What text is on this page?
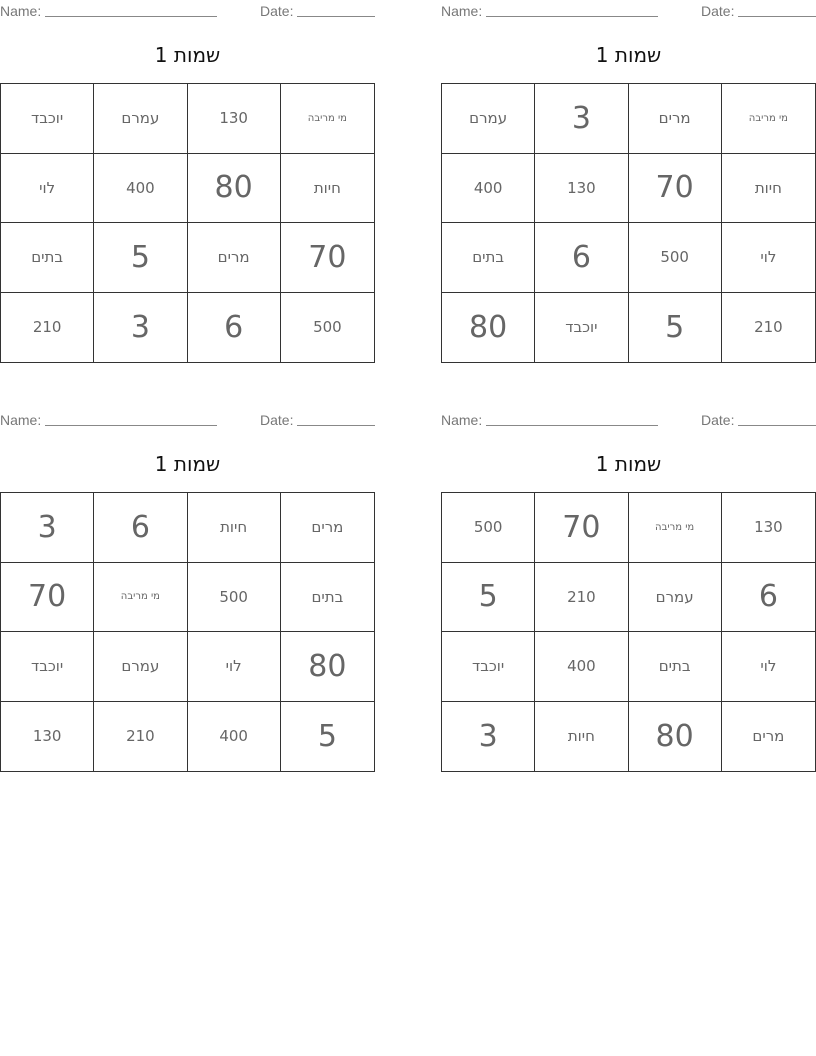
Name:	Date:
שמות 1
יוכבד	עמרם	130	מי מריבה
לוי	400	80	חיות
בתים	5	מרים	70
210	3	6	500
Name:	Date:
שמות 1
עמרם	3	מרים	מי מריבה
400	130	70	חיות
בתים	6	500	לוי
80	יוכבד	5	210
Name:	Date:
שמות 1
3	6	חיות	מרים
70	מי מריבה	500	בתים
יוכבד	עמרם	לוי	80
130	210	400	5
Name:	Date:
שמות 1
500	70	מי מריבה	130
5	210	עמרם	6
יוכבד	400	בתים	לוי
3	חיות	80	מרים
